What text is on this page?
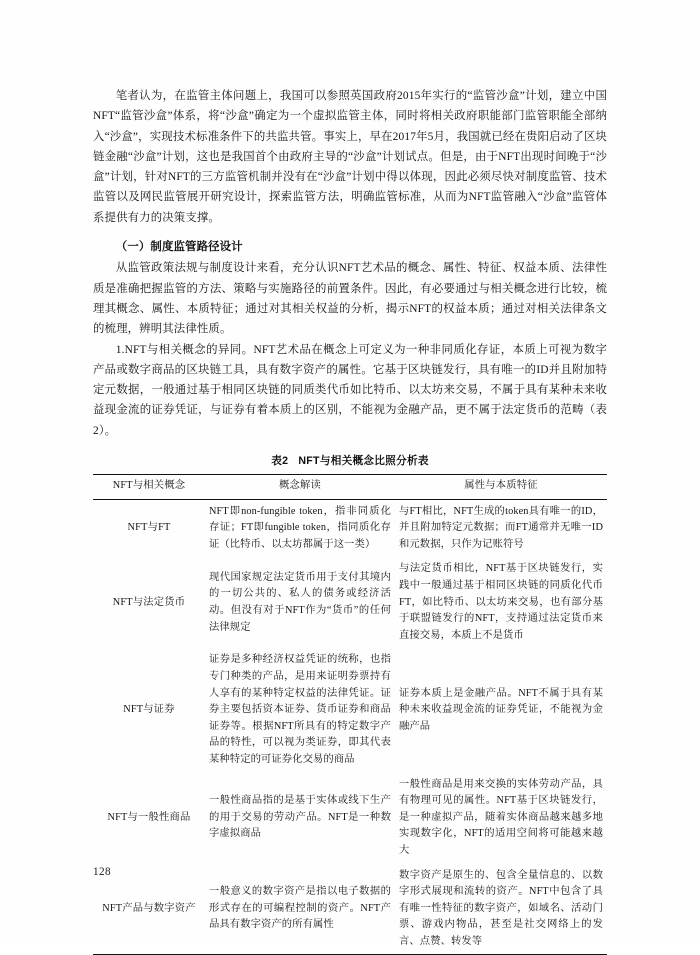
笔者认为，在监管主体问题上，我国可以参照英国政府2015年实行的“监管沙盒”计划，建立中国NFT“监管沙盒”体系，将“沙盒”确定为一个虚拟监管主体，同时将相关政府职能部门监管职能全部纳入“沙盒”，实现技术标准条件下的共监共管。事实上，早在2017年5月，我国就已经在贵阳启动了区块链金融“沙盒”计划，这也是我国首个由政府主导的“沙盒”计划试点。但是，由于NFT出现时间晚于“沙盒”计划，针对NFT的三方监管机制并没有在“沙盒”计划中得以体现，因此必须尽快对制度监管、技术监管以及网民监管展开研究设计，探索监管方法，明确监管标准，从而为NFT监管融入“沙盒”监管体系提供有力的决策支撑。

（一）制度监管路径设计

从监管政策法规与制度设计来看，充分认识NFT艺术品的概念、属性、特征、权益本质、法律性质是准确把握监管的方法、策略与实施路径的前置条件。因此，有必要通过与相关概念进行比较，梳理其概念、属性、本质特征；通过对其相关权益的分析，揭示NFT的权益本质；通过对相关法律条文的梳理，辨明其法律性质。

1.NFT与相关概念的异同。NFT艺术品在概念上可定义为一种非同质化存证，本质上可视为数字产品或数字商品的区块链工具，具有数字资产的属性。它基于区块链发行，具有唯一的ID并且附加特定元数据，一般通过基于相同区块链的同质类代币如比特币、以太坊来交易，不属于具有某种未来收益现金流的证券凭证，与证券有着本质上的区别，不能视为金融产品，更不属于法定货币的范畴（表2）。

表2 NFT与相关概念比照分析表
NFT与相关概念	概念解读	属性与本质特征
NFT与FT	NFT即non-fungible token，指非同质化存证；FT即fungible token，指同质化存证（比特币、以太坊都属于这一类）	与FT相比，NFT生成的token具有唯一的ID，并且附加特定元数据；而FT通常并无唯一ID和元数据，只作为记账符号
NFT与法定货币	现代国家规定法定货币用于支付其境内的一切公共的、私人的债务或经济活动。但没有对于NFT作为“货币”的任何法律规定	与法定货币相比，NFT基于区块链发行，实践中一般通过基于相同区块链的同质化代币FT，如比特币、以太坊来交易，也有部分基于联盟链发行的NFT，支持通过法定货币来直接交易，本质上不是货币
NFT与证券	证券是多种经济权益凭证的统称，也指专门种类的产品，是用来证明券票持有人享有的某种特定权益的法律凭证。证券主要包括资本证券、货币证券和商品证券等。根据NFT所具有的特定数字产品的特性，可以视为类证券，即其代表某种特定的可证券化交易的商品	证券本质上是金融产品。NFT不属于具有某种未来收益现金流的证券凭证，不能视为金融产品
NFT与一般性商品	一般性商品指的是基于实体或线下生产的用于交易的劳动产品。NFT是一种数字虚拟商品	一般性商品是用来交换的实体劳动产品，具有物理可见的属性。NFT基于区块链发行，是一种虚拟产品，随着实体商品越来越多地实现数字化，NFT的适用空间将可能越来越大
NFT产品与数字资产	一般意义的数字资产是指以电子数据的形式存在的可编程控制的资产。NFT产品具有数字资产的所有属性	数字资产是原生的、包含全量信息的、以数字形式展现和流转的资产。NFT中包含了具有唯一性特征的数字资产，如域名、活动门票、游戏内物品，甚至是社交网络上的发言、点赞、转发等
128
